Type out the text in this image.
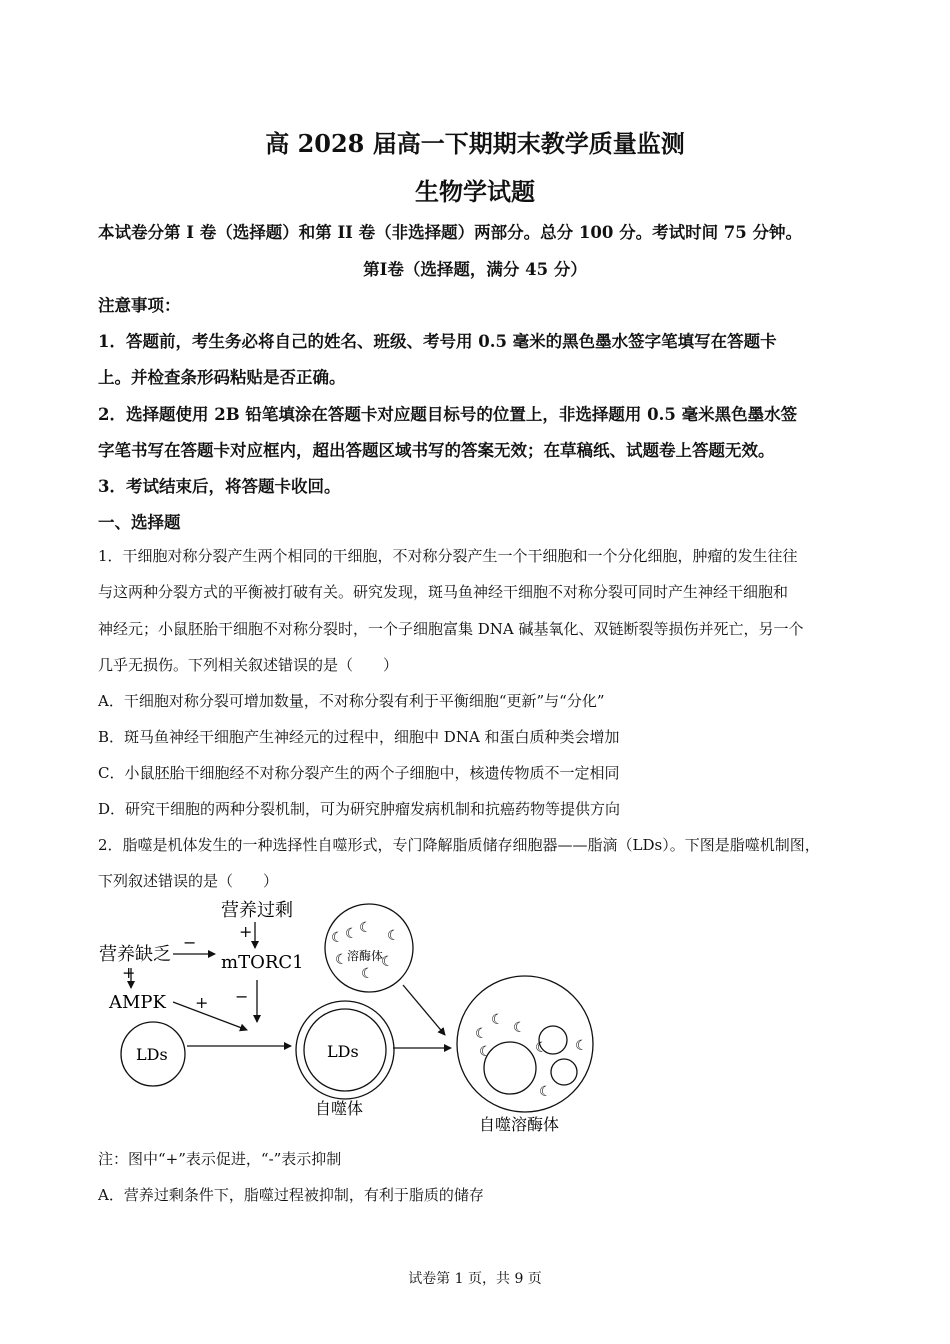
高 2028 届高一下期期末教学质量监测
生物学试题
本试卷分第 I 卷（选择题）和第 II 卷（非选择题）两部分。总分 100 分。考试时间 75 分钟。
第Ⅰ卷（选择题，满分 45 分）
注意事项：
1．答题前，考生务必将自己的姓名、班级、考号用 0.5 毫米的黑色墨水签字笔填写在答题卡
上。并检查条形码粘贴是否正确。
2．选择题使用 2B 铅笔填涂在答题卡对应题目标号的位置上，非选择题用 0.5 毫米黑色墨水签
字笔书写在答题卡对应框内，超出答题区域书写的答案无效；在草稿纸、试题卷上答题无效。
3．考试结束后，将答题卡收回。
一、选择题
1．干细胞对称分裂产生两个相同的干细胞，不对称分裂产生一个干细胞和一个分化细胞，肿瘤的发生往往
与这两种分裂方式的平衡被打破有关。研究发现，斑马鱼神经干细胞不对称分裂可同时产生神经干细胞和
神经元；小鼠胚胎干细胞不对称分裂时，一个子细胞富集 DNA 碱基氧化、双链断裂等损伤并死亡，另一个
几乎无损伤。下列相关叙述错误的是（　　）
A．干细胞对称分裂可增加数量，不对称分裂有利于平衡细胞“更新”与“分化”
B．斑马鱼神经干细胞产生神经元的过程中，细胞中 DNA 和蛋白质种类会增加
C．小鼠胚胎干细胞经不对称分裂产生的两个子细胞中，核遗传物质不一定相同
D．研究干细胞的两种分裂机制，可为研究肿瘤发病机制和抗癌药物等提供方向
2．脂噬是机体发生的一种选择性自噬形式，专门降解脂质储存细胞器——脂滴（LDs）。下图是脂噬机制图，
下列叙述错误的是（　　）
营养过剩
+
营养缺乏
−
mTORC1
+
AMPK + −
LDs	LDs
自噬体
☾ ☾ ☾ ☾
☾ ☾
☾
溶酶体
☾
☾ ☾
☾	☾ ☾
☾
自噬溶酶体
注：图中“+”表示促进，“-”表示抑制
A．营养过剩条件下，脂噬过程被抑制，有利于脂质的储存
试卷第 1 页，共 9 页
